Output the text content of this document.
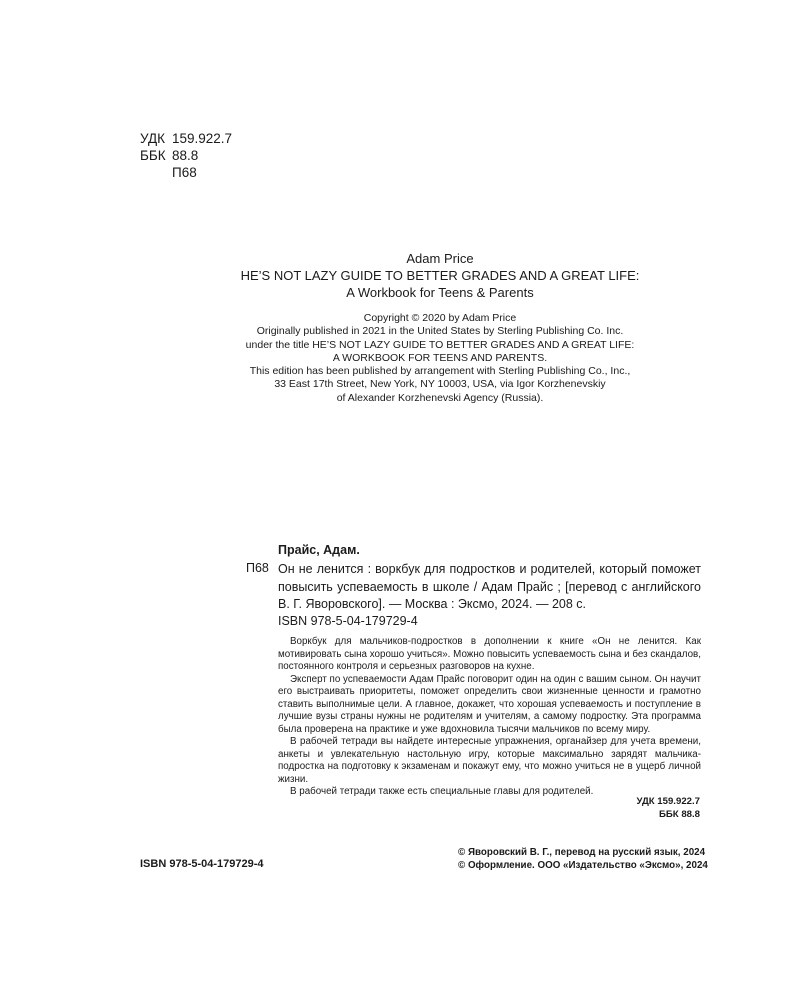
УДК 159.922.7
ББК 88.8
П68
Adam Price
HE’S NOT LAZY GUIDE TO BETTER GRADES AND A GREAT LIFE:
A Workbook for Teens & Parents
Copyright © 2020 by Adam Price
Originally published in 2021 in the United States by Sterling Publishing Co. Inc.
under the title HE’S NOT LAZY GUIDE TO BETTER GRADES AND A GREAT LIFE:
A WORKBOOK FOR TEENS AND PARENTS.
This edition has been published by arrangement with Sterling Publishing Co., Inc.,
33 East 17th Street, New York, NY 10003, USA, via Igor Korzhenevskiy
of Alexander Korzhenevski Agency (Russia).
Прайс, Адам.
П68 Он не ленится : воркбук для подростков и родителей, который поможет повысить успеваемость в школе / Адам Прайс ; [перевод с английского В. Г. Яворовского]. — Москва : Эксмо, 2024. — 208 с.
ISBN 978-5-04-179729-4

Воркбук для мальчиков-подростков в дополнении к книге «Он не ленится. Как мотивировать сына хорошо учиться». Можно повысить успеваемость сына и без скандалов, постоянного контроля и серьезных разговоров на кухне.

Эксперт по успеваемости Адам Прайс поговорит один на один с вашим сыном. Он научит его выстраивать приоритеты, поможет определить свои жизненные ценности и грамотно ставить выполнимые цели. А главное, докажет, что хорошая успеваемость и поступление в лучшие вузы страны нужны не родителям и учителям, а самому подростку. Эта программа была проверена на практике и уже вдохновила тысячи мальчиков по всему миру.

В рабочей тетради вы найдете интересные упражнения, органайзер для учета времени, анкеты и увлекательную настольную игру, которые максимально зарядят мальчика-подростка на подготовку к экзаменам и покажут ему, что можно учиться не в ущерб личной жизни.

В рабочей тетради также есть специальные главы для родителей.

УДК 159.922.7
ББК 88.8
ISBN 978-5-04-179729-4
© Яворовский В. Г., перевод на русский язык, 2024
© Оформление. ООО «Издательство «Эксмо», 2024
